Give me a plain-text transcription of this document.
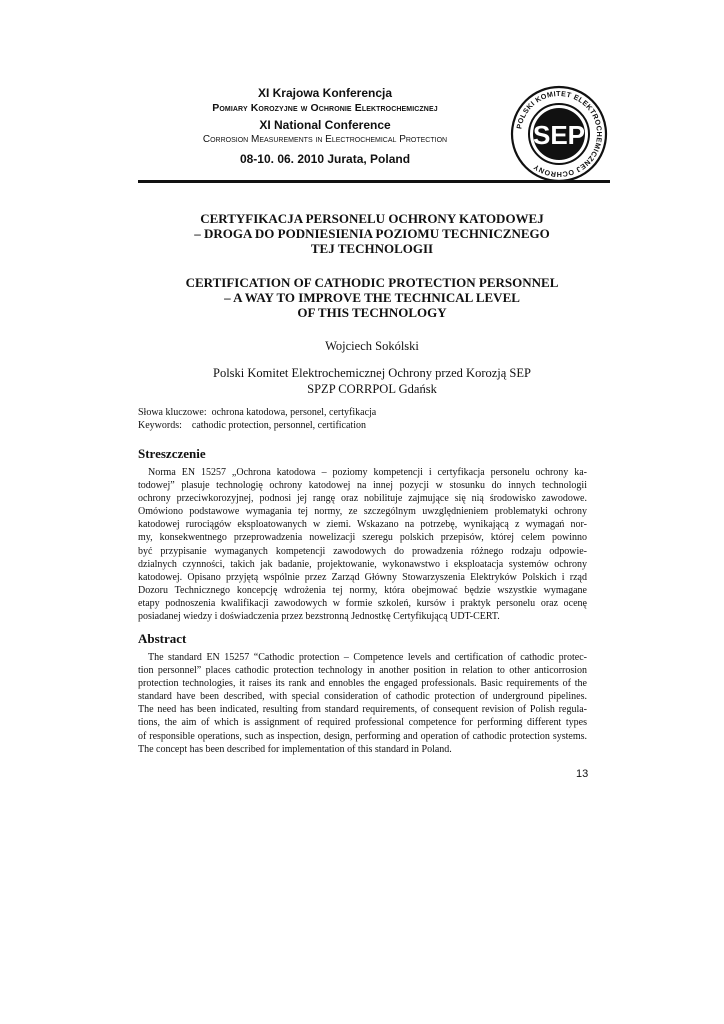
XI Krajowa Konferencja
Pomiary Korozyjne w Ochronie Elektrochemicznej
XI National Conference
Corrosion Measurements in Electrochemical Protection
08-10. 06. 2010 Jurata, Poland
POLSKI KOMITET ELEKTROCHEMICZNEJ OCHRONY
SEP
CERTYFIKACJA PERSONELU OCHRONY KATODOWEJ
– DROGA DO PODNIESIENIA POZIOMU TECHNICZNEGO
TEJ TECHNOLOGII
CERTIFICATION OF CATHODIC PROTECTION PERSONNEL
– A WAY TO IMPROVE THE TECHNICAL LEVEL
OF THIS TECHNOLOGY
Wojciech Sokólski
Polski Komitet Elektrochemicznej Ochrony przed Korozją SEP
SPZP CORRPOL Gdańsk
Słowa kluczowe: ochrona katodowa, personel, certyfikacja
Keywords: cathodic protection, personnel, certification
Streszczenie
Norma EN 15257 „Ochrona katodowa – poziomy kompetencji i certyfikacja personelu ochrony ka-
todowej” plasuje technologię ochrony katodowej na innej pozycji w stosunku do innych technologii
ochrony przeciwkorozyjnej, podnosi jej rangę oraz nobilituje zajmujące się nią środowisko zawodowe.
Omówiono podstawowe wymagania tej normy, ze szczególnym uwzględnieniem problematyki ochrony
katodowej rurociągów eksploatowanych w ziemi. Wskazano na potrzebę, wynikającą z wymagań nor-
my, konsekwentnego przeprowadzenia nowelizacji szeregu polskich przepisów, której celem powinno
być przypisanie wymaganych kompetencji zawodowych do prowadzenia różnego rodzaju odpowie-
dzialnych czynności, takich jak badanie, projektowanie, wykonawstwo i eksploatacja systemów ochrony
katodowej. Opisano przyjętą wspólnie przez Zarząd Główny Stowarzyszenia Elektryków Polskich i rząd
Dozoru Technicznego koncepcję wdrożenia tej normy, która obejmować będzie wszystkie wymagane
etapy podnoszenia kwalifikacji zawodowych w formie szkoleń, kursów i praktyk personelu oraz ocenę
posiadanej wiedzy i doświadczenia przez bezstronną Jednostkę Certyfikującą UDT-CERT.
Abstract
The standard EN 15257 “Cathodic protection – Competence levels and certification of cathodic protec-
tion personnel” places cathodic protection technology in another position in relation to other anticorrosion
protection technologies, it raises its rank and ennobles the engaged professionals. Basic requirements of the
standard have been described, with special consideration of cathodic protection of underground pipelines.
The need has been indicated, resulting from standard requirements, of consequent revision of Polish regula-
tions, the aim of which is assignment of required professional competence for performing different types
of responsible operations, such as inspection, design, performing and operation of cathodic protection systems.
The concept has been described for implementation of this standard in Poland.
13
